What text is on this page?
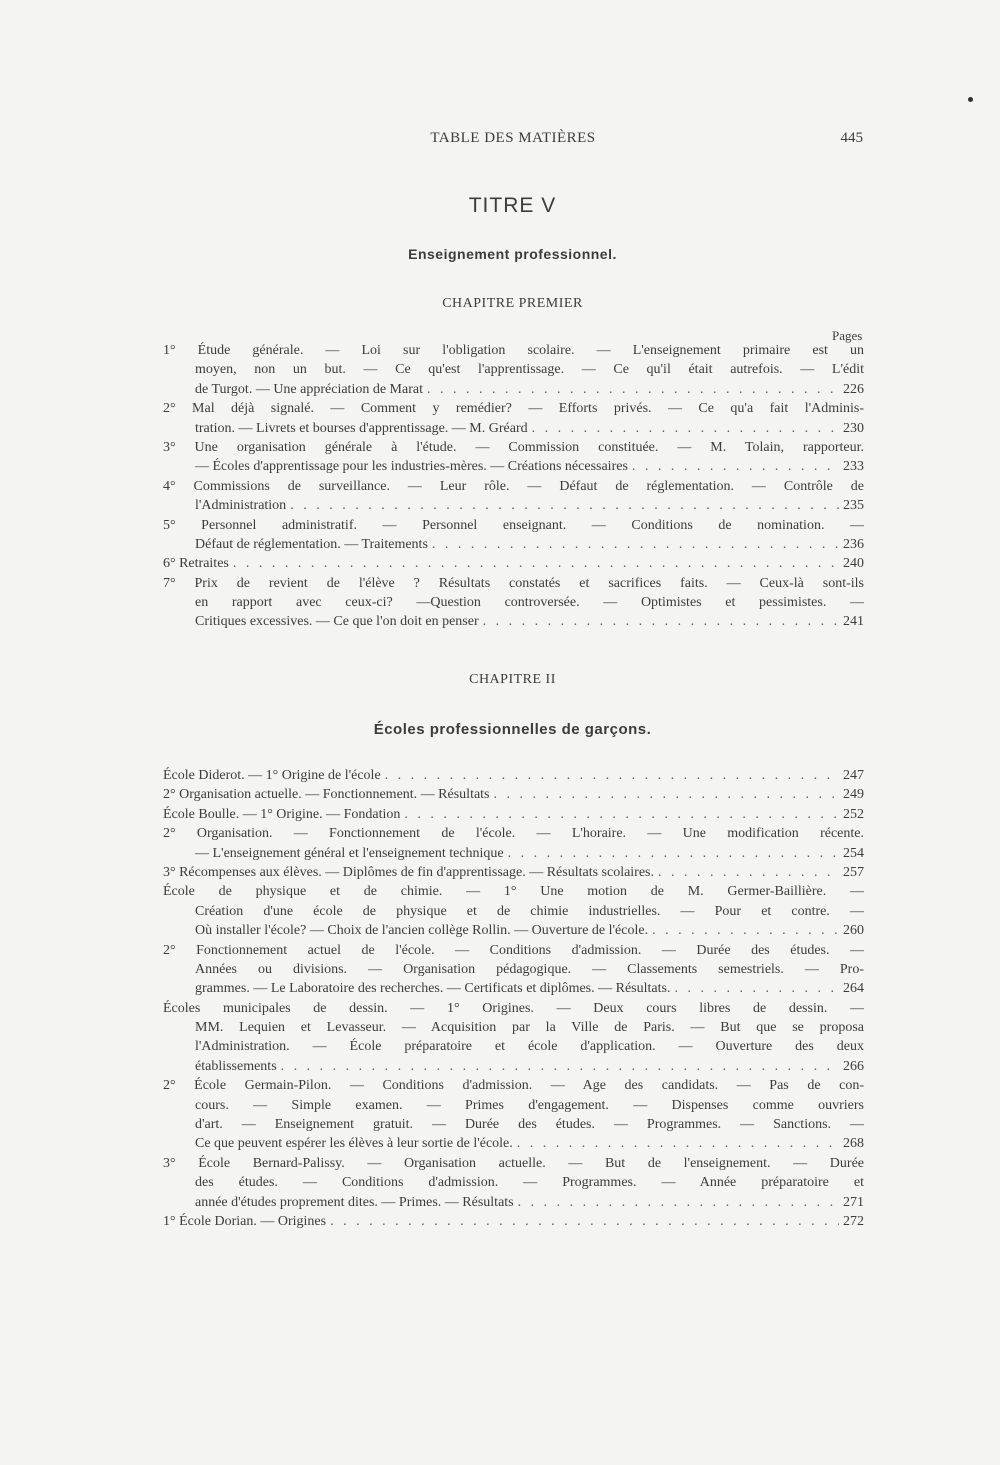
TABLE DES MATIÈRES	445
TITRE V
Enseignement professionnel.
CHAPITRE PREMIER
Pages
1° Étude générale. — Loi sur l'obligation scolaire. — L'enseignement primaire est un
moyen, non un but. — Ce qu'est l'apprentissage. — Ce qu'il était autrefois. — L'édit
de Turgot. — Une appréciation de Marat . . .	226
2° Mal déjà signalé. — Comment y remédier? — Efforts privés. — Ce qu'a fait l'Adminis-
tration. — Livrets et bourses d'apprentissage. — M. Gréard . . .	230
3° Une organisation générale à l'étude. — Commission constituée. — M. Tolain, rapporteur.
— Écoles d'apprentissage pour les industries-mères. — Créations nécessaires . . .	233
4° Commissions de surveillance. — Leur rôle. — Défaut de réglementation. — Contrôle de
l'Administration . . .	235
5° Personnel administratif. — Personnel enseignant. — Conditions de nomination. —
Défaut de réglementation. — Traitements . . .	236
6° Retraites . . .	240
7° Prix de revient de l'élève ? Résultats constatés et sacrifices faits. — Ceux-là sont-ils
en rapport avec ceux-ci? —Question controversée. — Optimistes et pessimistes. —
Critiques excessives. — Ce que l'on doit en penser . . .	241
CHAPITRE II
Écoles professionnelles de garçons.
École Diderot. — 1° Origine de l'école . . .	247
2° Organisation actuelle. — Fonctionnement. — Résultats . . .	249
École Boulle. — 1° Origine. — Fondation . . .	252
2° Organisation. — Fonctionnement de l'école. — L'horaire. — Une modification récente.
— L'enseignement général et l'enseignement technique . . .	254
3° Récompenses aux élèves. — Diplômes de fin d'apprentissage. — Résultats scolaires. . . .	257
École de physique et de chimie. — 1° Une motion de M. Germer-Baillière. —
Création d'une école de physique et de chimie industrielles. — Pour et contre. —
Où installer l'école? — Choix de l'ancien collège Rollin. — Ouverture de l'école. . . .	260
2° Fonctionnement actuel de l'école. — Conditions d'admission. — Durée des études. —
Années ou divisions. — Organisation pédagogique. — Classements semestriels. — Pro-
grammes. — Le Laboratoire des recherches. — Certificats et diplômes. — Résultats. . . .	264
Écoles municipales de dessin. — 1° Origines. — Deux cours libres de dessin. —
MM. Lequien et Levasseur. — Acquisition par la Ville de Paris. — But que se proposa
l'Administration. — École préparatoire et école d'application. — Ouverture des deux
établissements . . .	266
2° École Germain-Pilon. — Conditions d'admission. — Age des candidats. — Pas de con-
cours. — Simple examen. — Primes d'engagement. — Dispenses comme ouvriers
d'art. — Enseignement gratuit. — Durée des études. — Programmes. — Sanctions. —
Ce que peuvent espérer les élèves à leur sortie de l'école. . . .	268
3° École Bernard-Palissy. — Organisation actuelle. — But de l'enseignement. — Durée
des études. — Conditions d'admission. — Programmes. — Année préparatoire et
année d'études proprement dites. — Primes. — Résultats . . .	271
1° École Dorian. — Origines . . .	272
